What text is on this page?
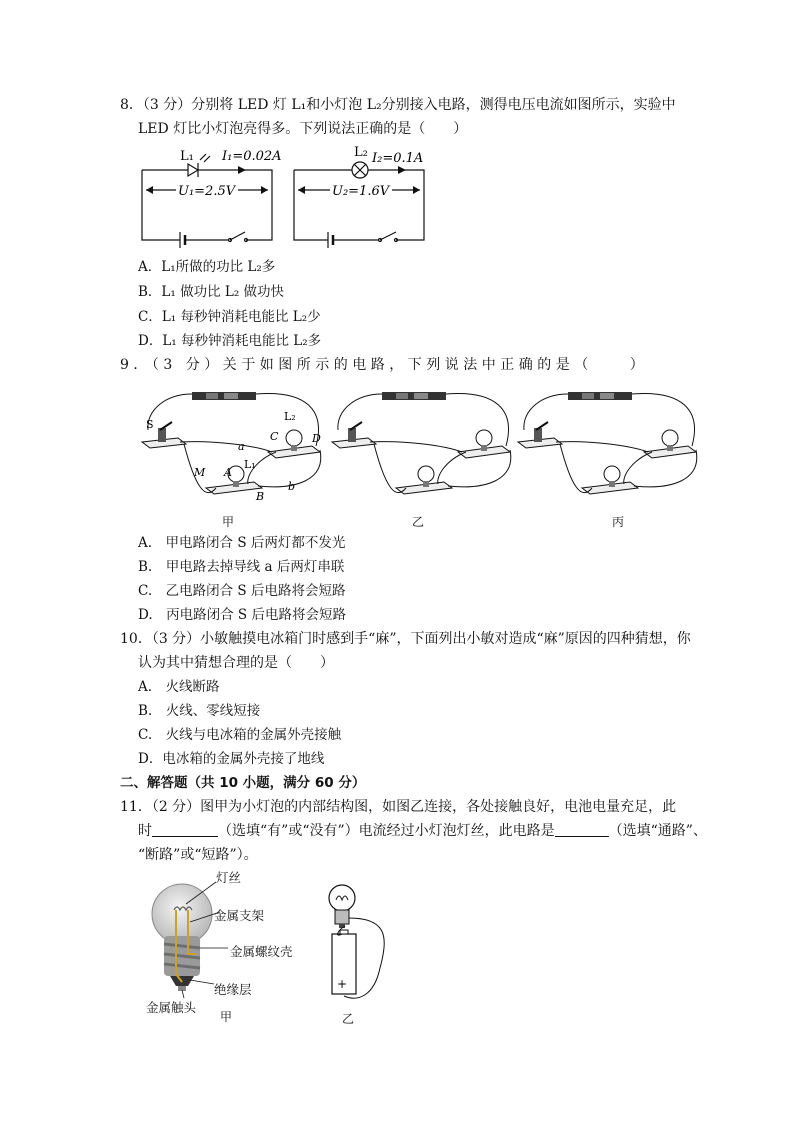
8．（3 分）分别将 LED 灯 L₁和小灯泡 L₂分别接入电路，测得电压电流如图所示，实验中
LED 灯比小灯泡亮得多。下列说法正确的是（　　）
L₁ I₁=0.02A
U₁=2.5V
L₂ I₂=0.1A
U₂=1.6V
A．L₁所做的功比 L₂多
B．L₁ 做功比 L₂ 做功快
C．L₁ 每秒钟消耗电能比 L₂少
D．L₁ 每秒钟消耗电能比 L₂多
9．（3 分）关于如图所示的电路，下列说法中正确的是（　　）
S
L₂
C	D
a
L₁
A
M
B
b
甲	乙	丙
A.　甲电路闭合 S 后两灯都不发光
B.　甲电路去掉导线 a 后两灯串联
C.　乙电路闭合 S 后电路将会短路
D.　丙电路闭合 S 后电路将会短路
10．（3 分）小敏触摸电冰箱门时感到手“麻”，下面列出小敏对造成“麻”原因的四种猜想，你
认为其中猜想合理的是（　　）
A.　火线断路
B.　火线、零线短接
C.　火线与电冰箱的金属外壳接触
D．电冰箱的金属外壳接了地线
二、解答题（共 10 小题，满分 60 分）
11．（2 分）图甲为小灯泡的内部结构图，如图乙连接，各处接触良好，电池电量充足，此
时	（选填“有”或“没有”）电流经过小灯泡灯丝，此电路是	（选填“通路”、
“断路”或“短路”）。
灯丝
金属支架
金属螺纹壳
绝缘层
金属触头
甲
+
乙
